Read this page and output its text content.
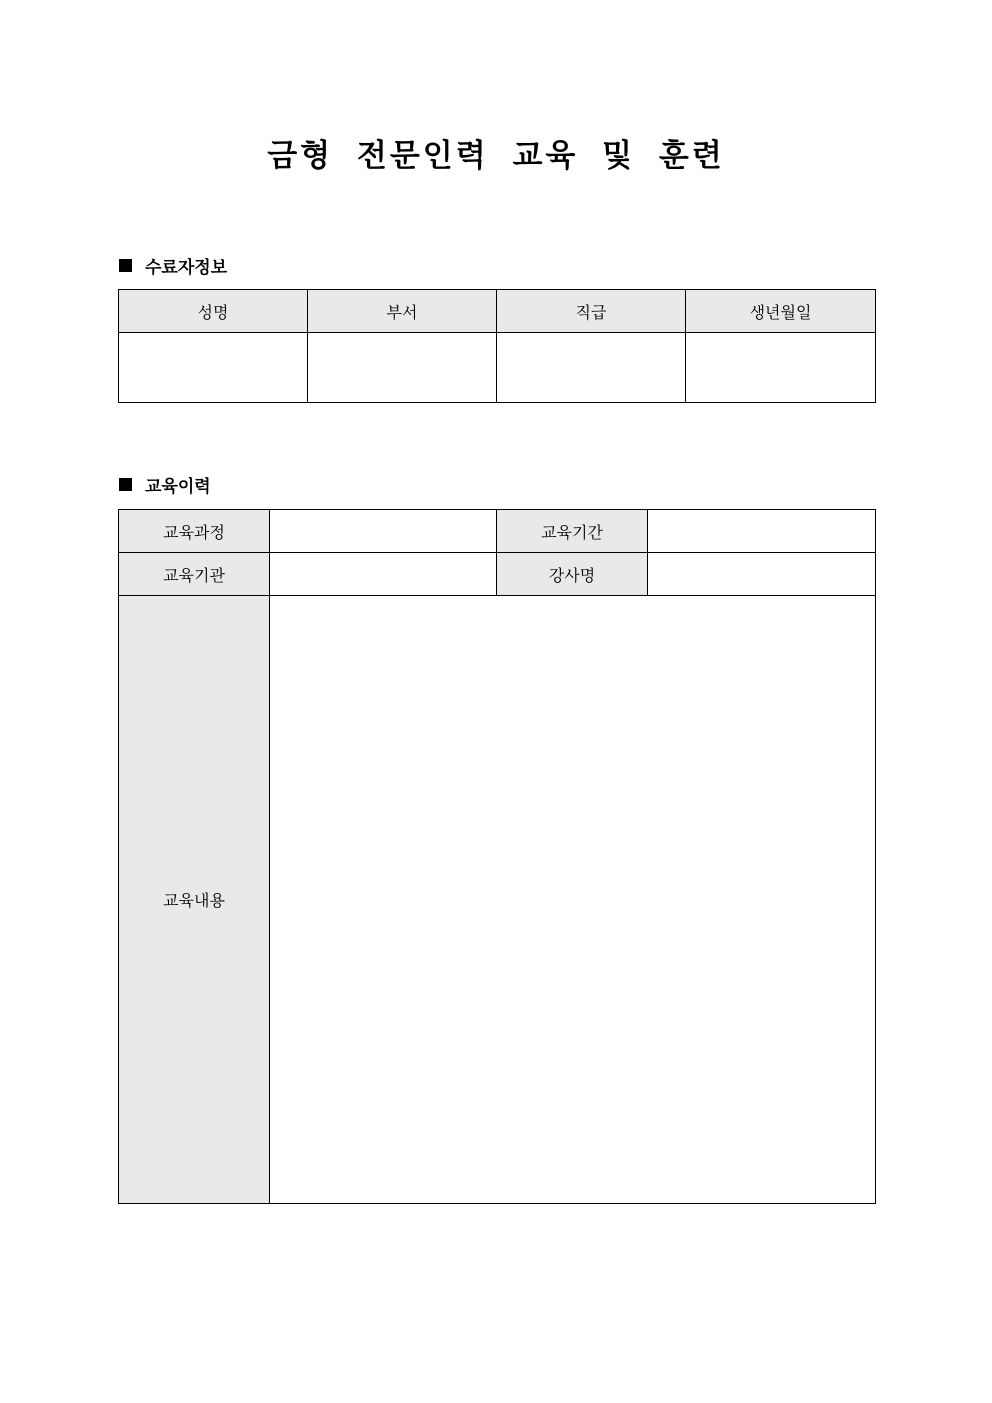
금형 전문인력 교육 및 훈련
수료자정보
성명	부서	직급	생년월일

교육이력
교육과정		교육기간	
교육기관		강사명	
교육내용			
